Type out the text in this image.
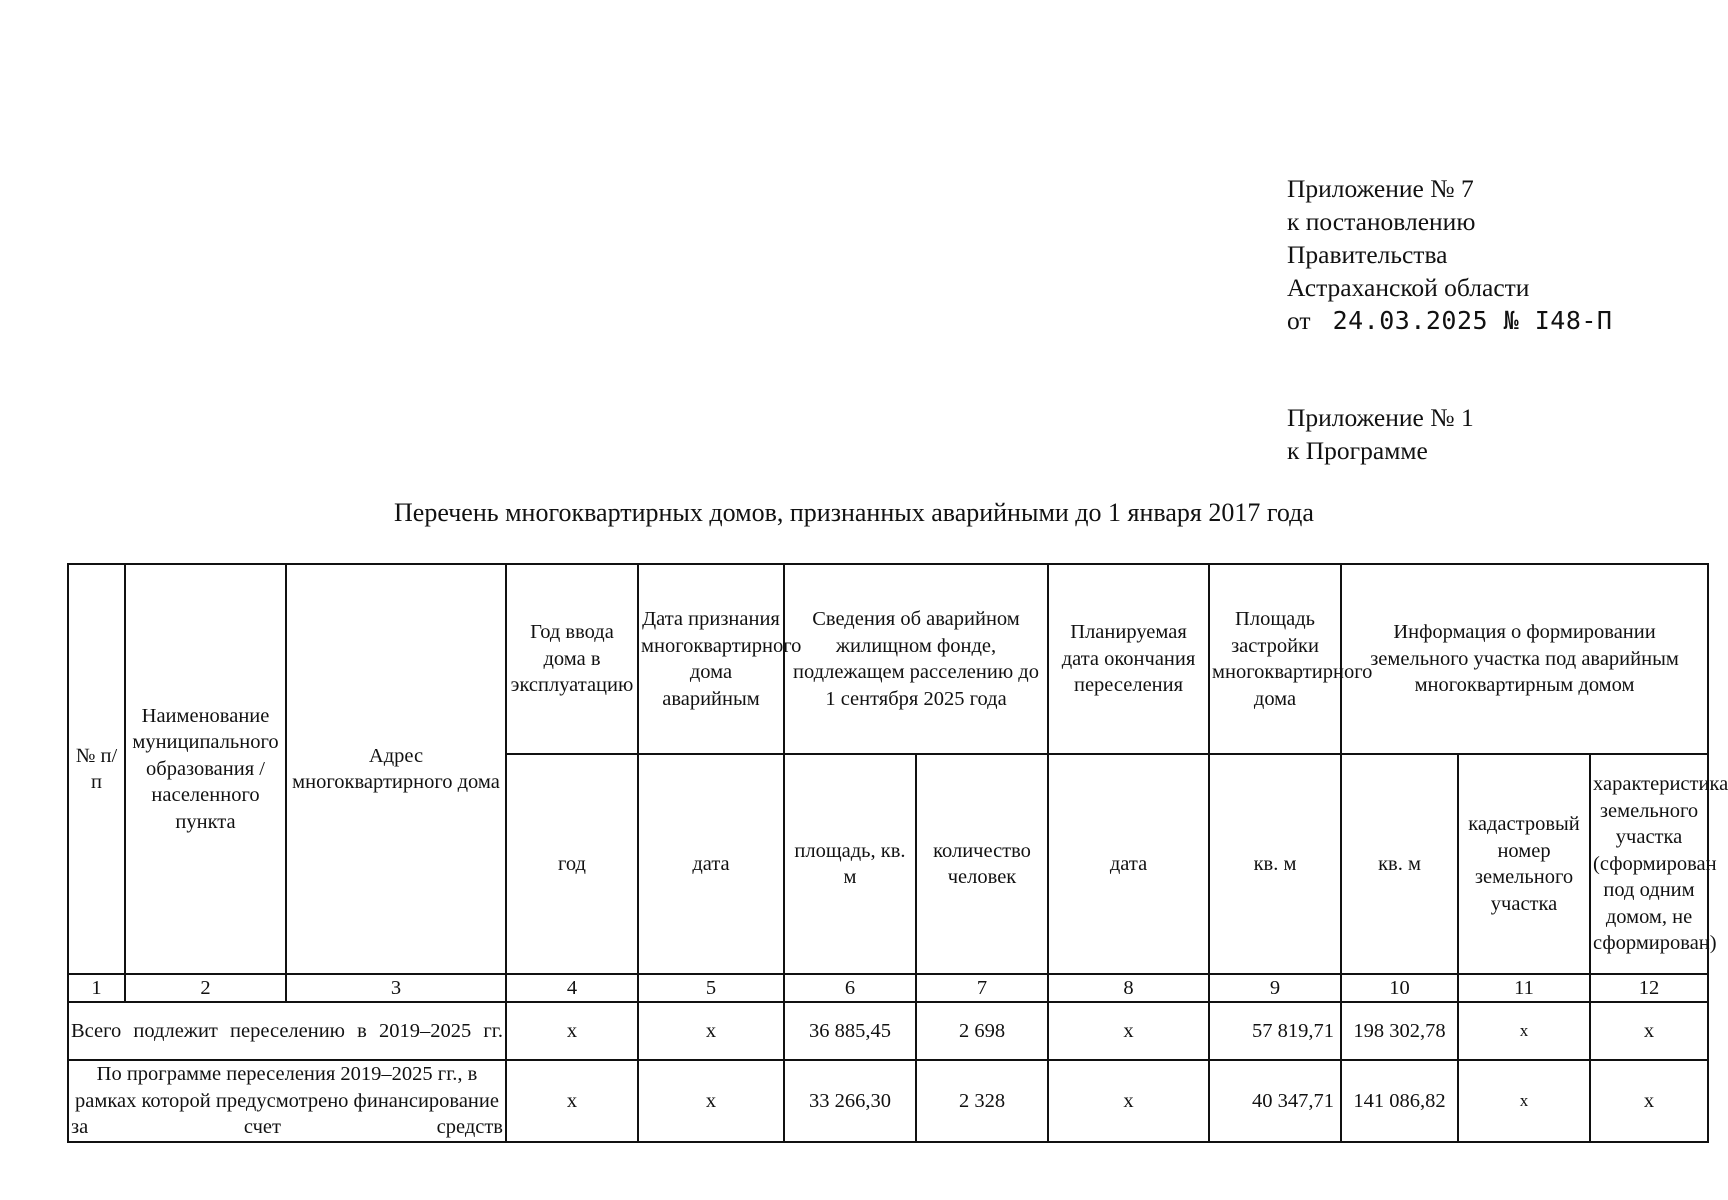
Приложение № 7
к постановлению
Правительства
Астраханской области
от 24.03.2025 № I48-П
Приложение № 1
к Программе
Перечень многоквартирных домов, признанных аварийными до 1 января 2017 года
№ п/п	Наименование муниципального образования / населенного пункта	Адрес многоквартирного дома	Год ввода дома в эксплуатацию	Дата признания многоквартирного дома аварийным	Сведения об аварийном жилищном фонде, подлежащем расселению до 1 сентября 2025 года		Планируемая дата окончания переселения	Площадь застройки многоквартирного дома	Информация о формировании земельного участка под аварийным многоквартирным домом		
			год	дата	площадь, кв. м	количество человек	дата	кв. м	кв. м	кадастровый номер земельного участка	характеристика земельного участка (сформирован под одним домом, не сформирован)
1	2	3	4	5	6	7	8	9	10	11	12
Всего подлежит переселению в 2019–2025 гг.			х	х	36 885,45	2 698	х	57 819,71	198 302,78	х	х
По программе переселения 2019–2025 гг., в рамках которой предусмотрено финансирование за счет средств			х	х	33 266,30	2 328	х	40 347,71	141 086,82	х	х
